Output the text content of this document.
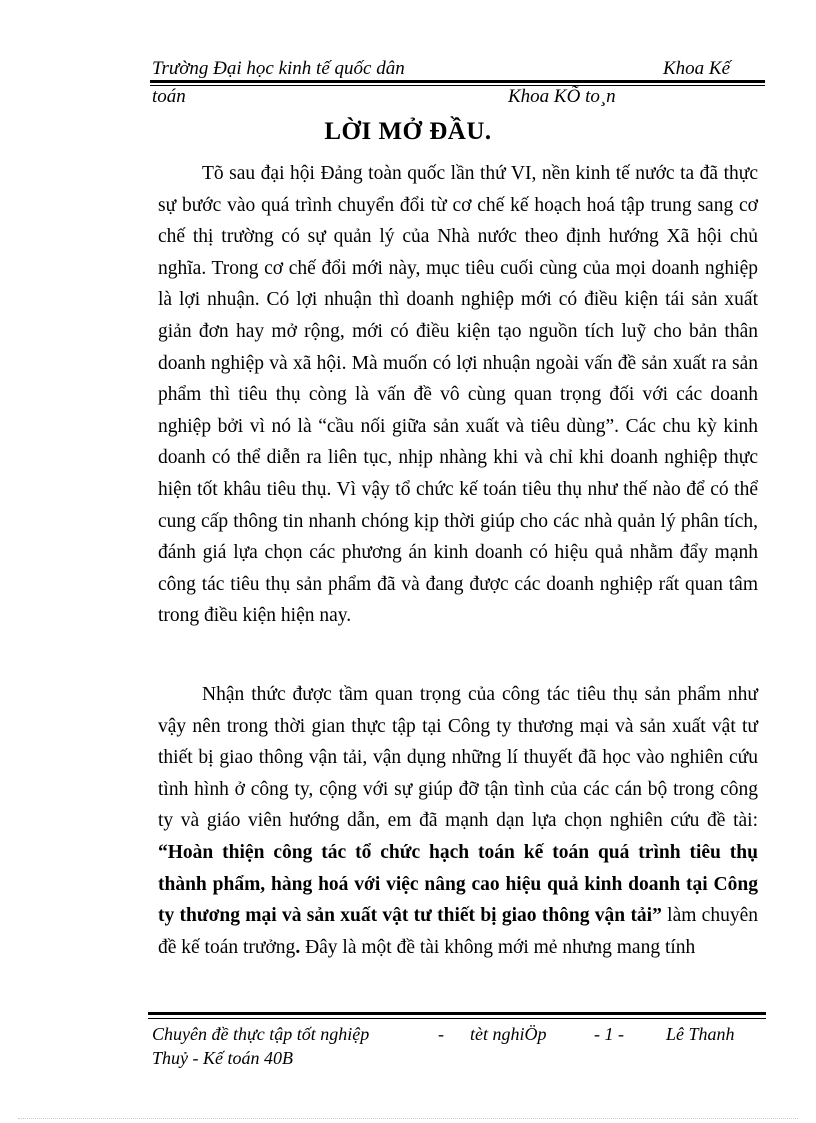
Trường Đại học kinh tế quốc dân	Khoa Kế
toán	Khoa KÕ to¸n
LỜI MỞ ĐẦU.
Tõ sau đại hội Đảng toàn quốc lần thứ VI, nền kinh tế nước ta đã thực sự bước vào quá trình chuyển đổi từ cơ chế kế hoạch hoá tập trung sang cơ chế thị trường có sự quản lý của Nhà nước theo định hướng Xã hội chủ nghĩa. Trong cơ chế đổi mới này, mục tiêu cuối cùng của mọi doanh nghiệp là lợi nhuận. Có lợi nhuận thì doanh nghiệp mới có điều kiện tái sản xuất giản đơn hay mở rộng, mới có điều kiện tạo nguồn tích luỹ cho bản thân doanh nghiệp và xã hội. Mà muốn có lợi nhuận ngoài vấn đề sản xuất ra sản phẩm thì tiêu thụ còng là vấn đề vô cùng quan trọng đối với các doanh nghiệp bởi vì nó là “cầu nối giữa sản xuất và tiêu dùng”. Các chu kỳ kinh doanh có thể diễn ra liên tục, nhịp nhàng khi và chỉ khi doanh nghiệp thực hiện tốt khâu tiêu thụ. Vì vậy tổ chức kế toán tiêu thụ như thế nào để có thể cung cấp thông tin nhanh chóng kịp thời giúp cho các nhà quản lý phân tích, đánh giá lựa chọn các phương án kinh doanh có hiệu quả nhằm đẩy mạnh công tác tiêu thụ sản phẩm đã và đang được các doanh nghiệp rất quan tâm trong điều kiện hiện nay.
Nhận thức được tầm quan trọng của công tác tiêu thụ sản phẩm như vậy nên trong thời gian thực tập tại Công ty thương mại và sản xuất vật tư thiết bị giao thông vận tải, vận dụng những lí thuyết đã học vào nghiên cứu tình hình ở công ty, cộng với sự giúp đỡ tận tình của các cán bộ trong công ty và giáo viên hướng dẫn, em đã mạnh dạn lựa chọn nghiên cứu đề tài: “Hoàn thiện công tác tổ chức hạch toán kế toán quá trình tiêu thụ thành phẩm, hàng hoá với việc nâng cao hiệu quả kinh doanh tại Công ty thương mại và sản xuất vật tư thiết bị giao thông vận tải” làm chuyên đề kế toán trưởng. Đây là một đề tài không mới mẻ nhưng mang tính
Chuyên đề thực tập tốt nghiệp	- tèt nghiÖp	- 1 - Lê Thanh
Thuỷ - Kế toán 40B
